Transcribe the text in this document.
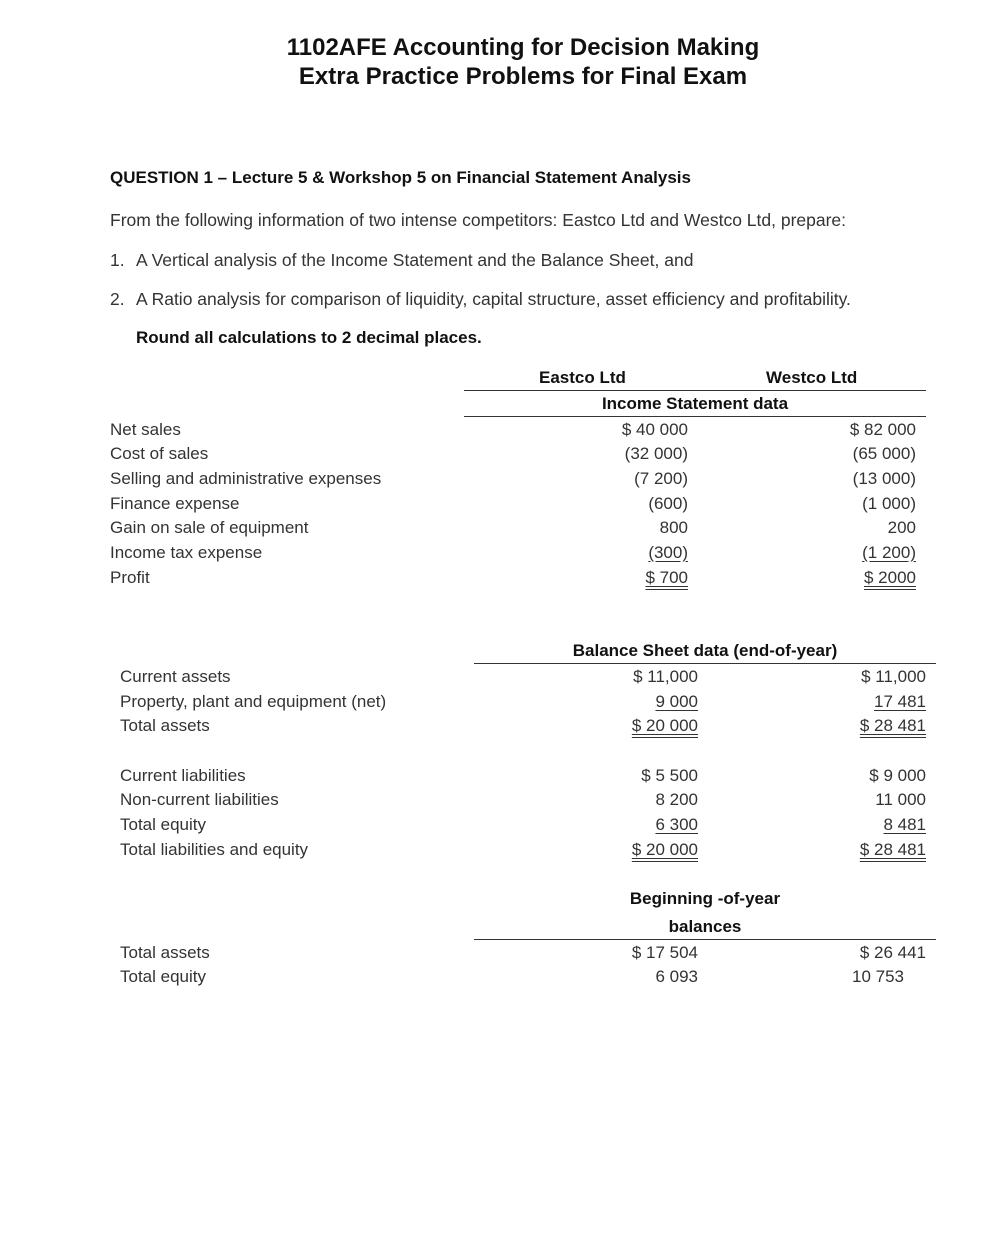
1102AFE Accounting for Decision Making
Extra Practice Problems for Final Exam
QUESTION 1 – Lecture 5 & Workshop 5 on Financial Statement Analysis
From the following information of two intense competitors: Eastco Ltd and Westco Ltd, prepare:
1. A Vertical analysis of the Income Statement and the Balance Sheet, and
2. A Ratio analysis for comparison of liquidity, capital structure, asset efficiency and profitability.
Round all calculations to 2 decimal places.
Eastco Ltd	Westco Ltd
Income Statement data
Net sales	$ 40 000	$ 82 000
Cost of sales	(32 000)	(65 000)
Selling and administrative expenses	(7 200)	(13 000)
Finance expense	(600)	(1 000)
Gain on sale of equipment	800	200
Income tax expense	(300)	(1 200)
Profit	$ 700	$ 2000
Balance Sheet data (end-of-year)
Current assets	$ 11,000	$ 11,000
Property, plant and equipment (net)	9 000	17 481
Total assets	$ 20 000	$ 28 481
Current liabilities	$ 5 500	$ 9 000
Non-current liabilities	8 200	11 000
Total equity	6 300	8 481
Total liabilities and equity	$ 20 000	$ 28 481
Beginning -of-year
balances
Total assets	$ 17 504	$ 26 441
Total equity	6 093	10 753
